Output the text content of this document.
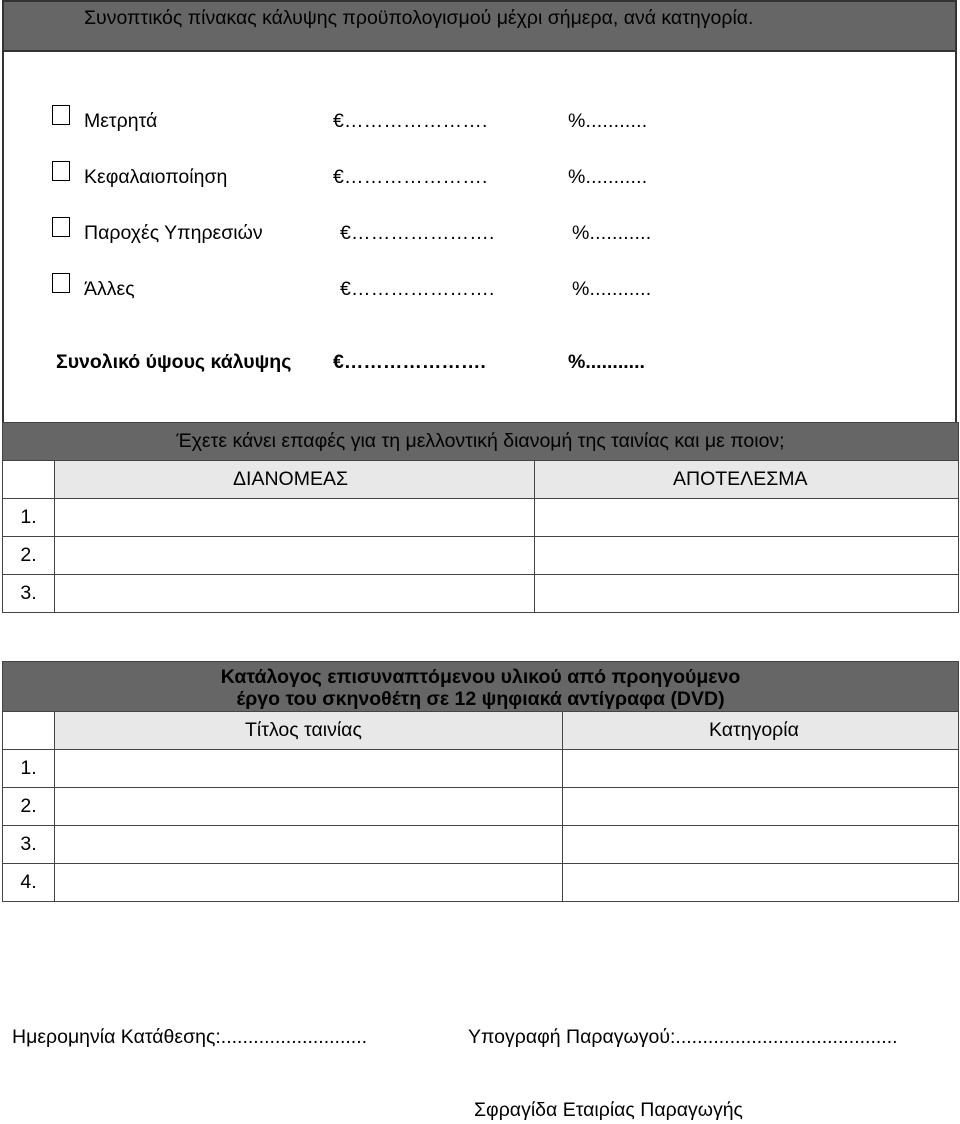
Συνοπτικός πίνακας κάλυψης προϋπολογισμού μέχρι σήμερα, ανά κατηγορία.
Μετρητά	€………………….	%...........
Κεφαλαιοποίηση	€………………….	%...........
Παροχές Υπηρεσιών	€………………….	%...........
Άλλες	€………………….	%...........
Συνολικό ύψους κάλυψης €………………….	%...........
Έχετε κάνει επαφές για τη μελλοντική διανομή της ταινίας και με ποιον;		
	ΔΙΑΝΟΜΕΑΣ	ΑΠΟΤΕΛΕΣΜΑ
1.		
2.		
3.		
Κατάλογος επισυναπτόμενου υλικού από προηγούμενο
έργο του σκηνοθέτη σε 12 ψηφιακά αντίγραφα (DVD)		

	Τίτλος ταινίας	Κατηγορία
1.		
2.		
3.		
4.		
Ημερομηνία Κατάθεσης:...........................	Υπογραφή Παραγωγού:.........................................
Σφραγίδα Εταιρίας Παραγωγής
